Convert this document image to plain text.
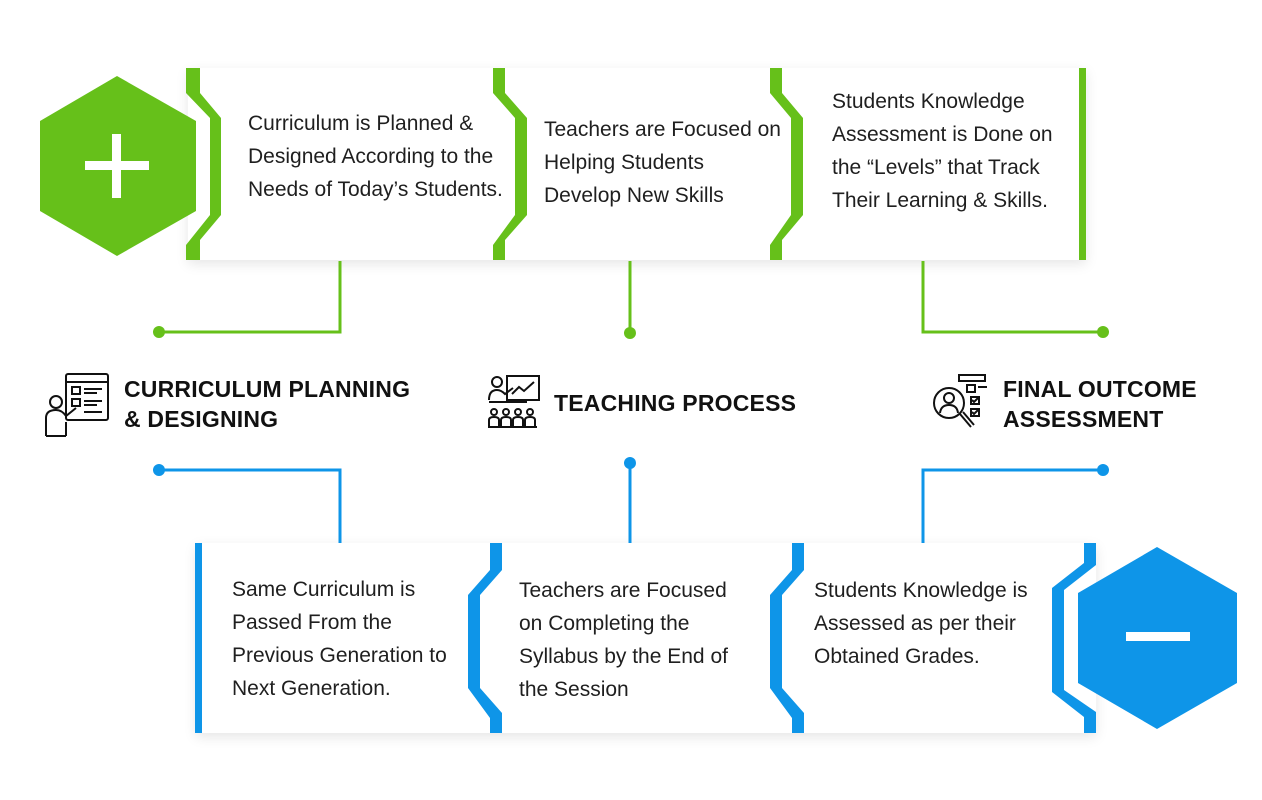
Curriculum is Planned & Designed According to the Needs of Today’s Students.
Teachers are Focused on Helping Students Develop New Skills
Students Knowledge Assessment is Done on the “Levels” that Track Their Learning & Skills.
CURRICULUM PLANNING
& DESIGNING
TEACHING PROCESS
FINAL OUTCOME
ASSESSMENT
Same Curriculum is Passed From the Previous Generation to Next Generation.
Teachers are Focused on Completing the Syllabus by the End of the Session
Students Knowledge is Assessed as per their Obtained Grades.
